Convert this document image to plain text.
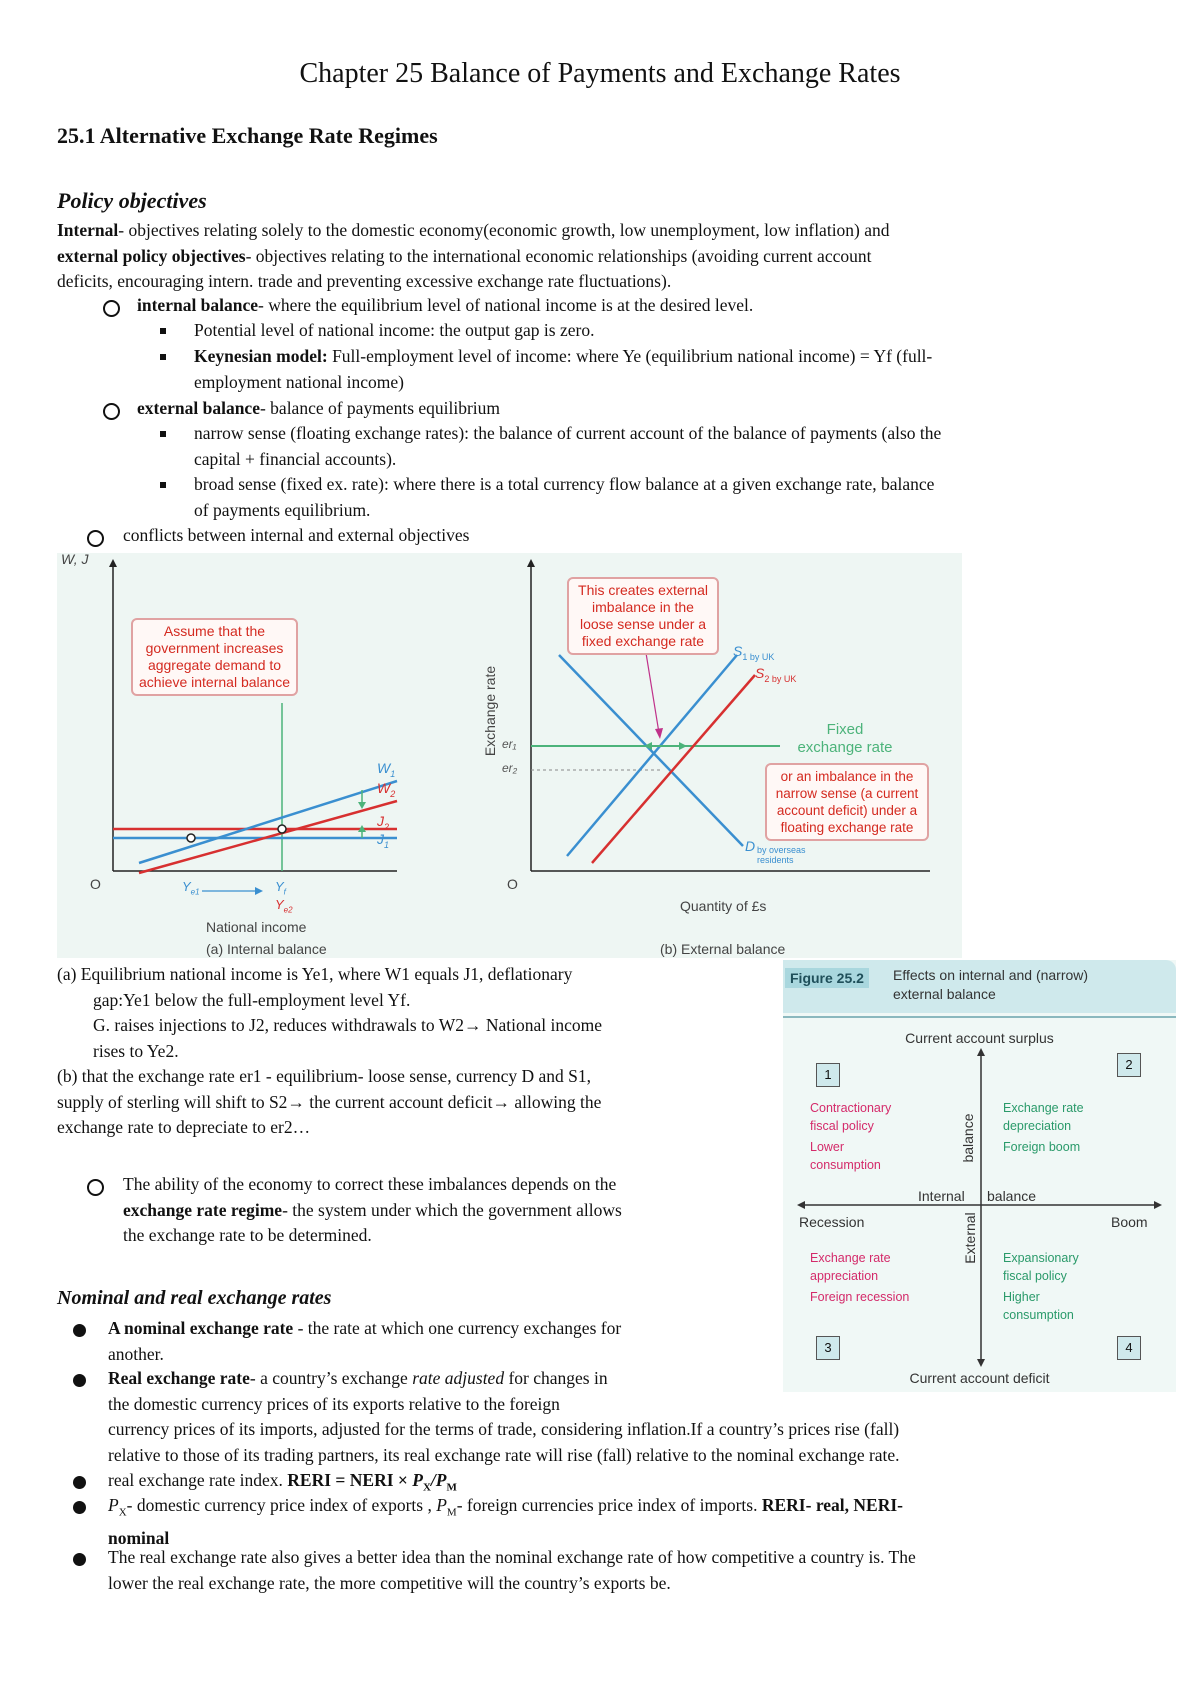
Chapter 25 Balance of Payments and Exchange Rates
25.1 Alternative Exchange Rate Regimes
Policy objectives
Internal- objectives relating solely to the domestic economy(economic growth, low unemployment, low inflation) and
external policy objectives- objectives relating to the international economic relationships (avoiding current account
deficits, encouraging intern. trade and preventing excessive exchange rate fluctuations).
internal balance- where the equilibrium level of national income is at the desired level.
Potential level of national income: the output gap is zero.
Keynesian model: Full-employment level of income: where Ye (equilibrium national income) = Yf (full-
employment national income)
external balance- balance of payments equilibrium
narrow sense (floating exchange rates): the balance of current account of the balance of payments (also the
capital + financial accounts).
broad sense (fixed ex. rate): where there is a total currency flow balance at a given exchange rate, balance
of payments equilibrium.
conflicts between internal and external objectives
W, J
O
Assume that the
government increases
aggregate demand to
achieve internal balance
$W_1$
$W_2$
$J_2$
$J_1$
$Y_{e1}$	$Y_f$
$Y_{e2}$
National income
(a) Internal balance
Exchange rate
O
er₁
er₂
This creates external
imbalance in the
loose sense under a
fixed exchange rate
$S_{1 by UK}$
$S_{2 by UK}$
Fixed
exchange rate
or an imbalance in the
narrow sense (a current
account deficit) under a
floating exchange rate
D by overseas
residents
Quantity of £s
(b) External balance
(a) Equilibrium national income is Ye1, where W1 equals J1, deflationary
gap:Ye1 below the full-employment level Yf.
G. raises injections to J2, reduces withdrawals to W2→ National income
rises to Ye2.
(b) that the exchange rate er1 - equilibrium- loose sense, currency D and S1,
supply of sterling will shift to S2→ the current account deficit→ allowing the
exchange rate to depreciate to er2…
The ability of the economy to correct these imbalances depends on the
exchange rate regime- the system under which the government allows
the exchange rate to be determined.
Figure 25.2	Effects on internal and (narrow)
external balance
Current account surplus
Current account deficit
Recession	Boom
Internal balance
External
balance
1
2
3	4
Contractionary
fiscal policy
Lower
consumption
Exchange rate
depreciation
Foreign boom
Exchange rate
appreciation
Foreign recession
Expansionary
fiscal policy
Higher
consumption
Nominal and real exchange rates
A nominal exchange rate - the rate at which one currency exchanges for
another.
Real exchange rate- a country’s exchange rate adjusted for changes in
the domestic currency prices of its exports relative to the foreign
currency prices of its imports, adjusted for the terms of trade, considering inflation.If a country’s prices rise (fall)
relative to those of its trading partners, its real exchange rate will rise (fall) relative to the nominal exchange rate.
real exchange rate index. RERI = NERI × $P_X/P_M$
$P_X-$ domestic currency price index of exports , $P_M-$ foreign currencies price index of imports. RERI- real, NERI-
nominal
The real exchange rate also gives a better idea than the nominal exchange rate of how competitive a country is. The
lower the real exchange rate, the more competitive will the country’s exports be.
